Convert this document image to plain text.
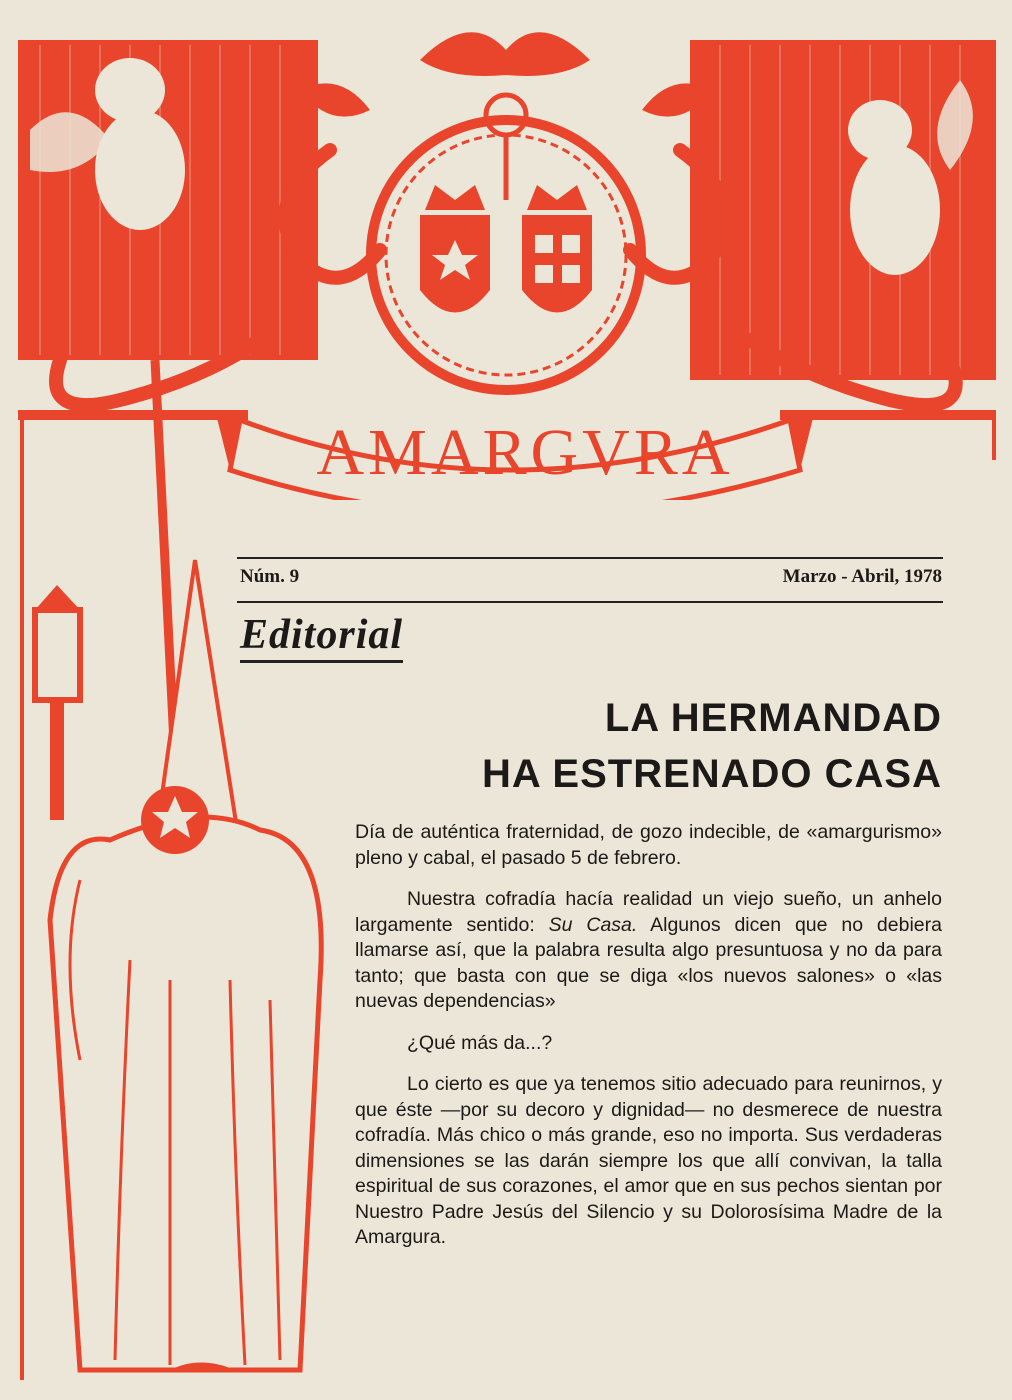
AMARGVRA
Núm. 9	Marzo - Abril, 1978
Editorial
LA HERMANDAD
HA ESTRENADO CASA

Día de auténtica fraternidad, de gozo indecible, de «amargurismo» pleno y cabal, el pasado 5 de febrero.

Nuestra cofradía hacía realidad un viejo sueño, un anhelo largamente sentido: Su Casa. Algunos dicen que no debiera llamarse así, que la palabra resulta algo presuntuosa y no da para tanto; que basta con que se diga «los nuevos salones» o «las nuevas dependencias»

¿Qué más da...?

Lo cierto es que ya tenemos sitio adecuado para reunirnos, y que éste —por su decoro y dignidad— no desmerece de nuestra cofradía. Más chico o más grande, eso no importa. Sus verdaderas dimensiones se las darán siempre los que allí convivan, la talla espiritual de sus corazones, el amor que en sus pechos sientan por Nuestro Padre Jesús del Silencio y su Dolorosísima Madre de la Amargura.
